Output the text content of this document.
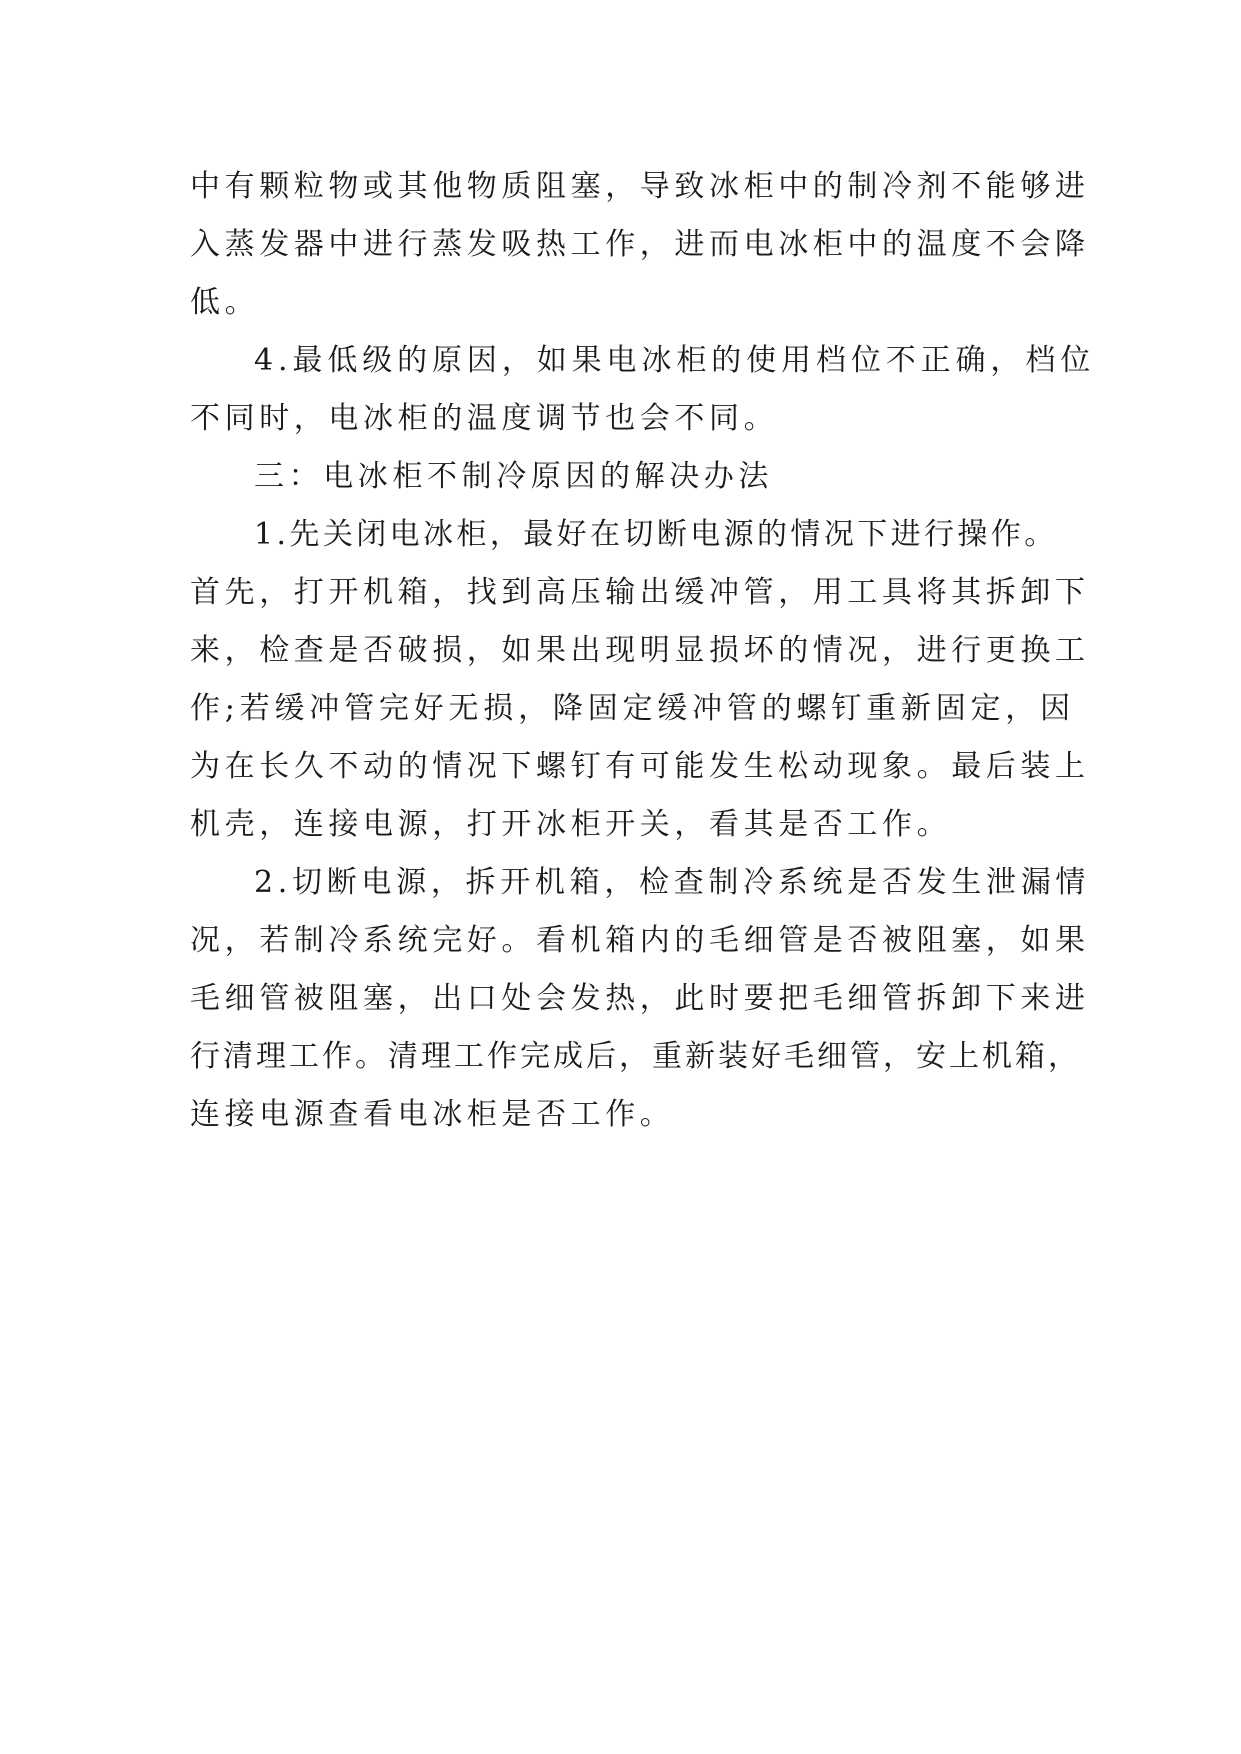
中有颗粒物或其他物质阻塞，导致冰柜中的制冷剂不能够进
入蒸发器中进行蒸发吸热工作，进而电冰柜中的温度不会降
低。
4.最低级的原因，如果电冰柜的使用档位不正确，档位
不同时，电冰柜的温度调节也会不同。
三：电冰柜不制冷原因的解决办法
1.先关闭电冰柜，最好在切断电源的情况下进行操作。
首先，打开机箱，找到高压输出缓冲管，用工具将其拆卸下
来，检查是否破损，如果出现明显损坏的情况，进行更换工
作;若缓冲管完好无损，降固定缓冲管的螺钉重新固定，因
为在长久不动的情况下螺钉有可能发生松动现象。最后装上
机壳，连接电源，打开冰柜开关，看其是否工作。
2.切断电源，拆开机箱，检查制冷系统是否发生泄漏情
况，若制冷系统完好。看机箱内的毛细管是否被阻塞，如果
毛细管被阻塞，出口处会发热，此时要把毛细管拆卸下来进
行清理工作。清理工作完成后，重新装好毛细管，安上机箱，
连接电源查看电冰柜是否工作。
